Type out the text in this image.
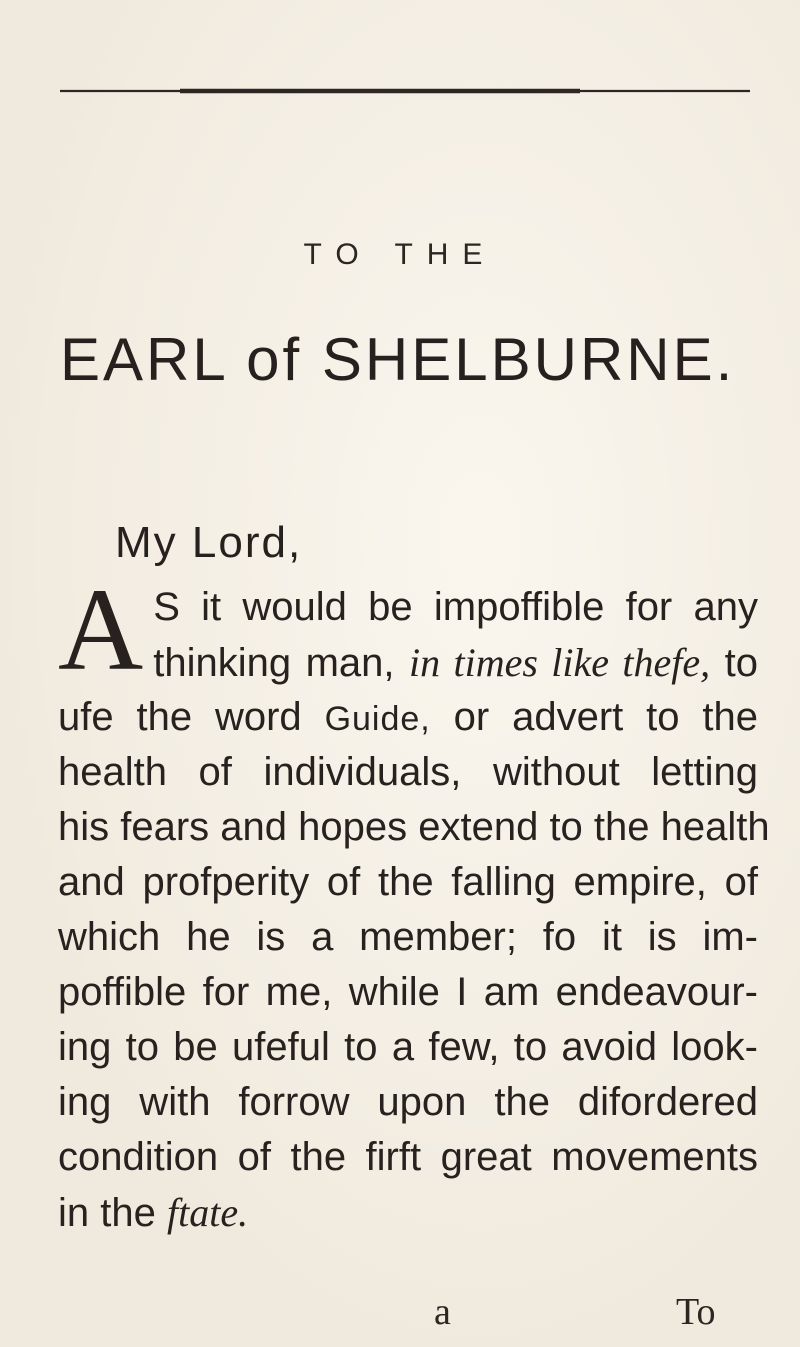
TO THE
EARL of SHELBURNE.
My Lord,
A S it would be impoffible for any
thinking man, in times like thefe, to
ufe the word Guide, or advert to the
health of individuals, without letting
his fears and hopes extend to the health
and profperity of the falling empire, of
which he is a member; fo it is im-
poffible for me, while I am endeavour-
ing to be ufeful to a few, to avoid look-
ing with forrow upon the difordered
condition of the firft great movements
in the ftate.
a	To
